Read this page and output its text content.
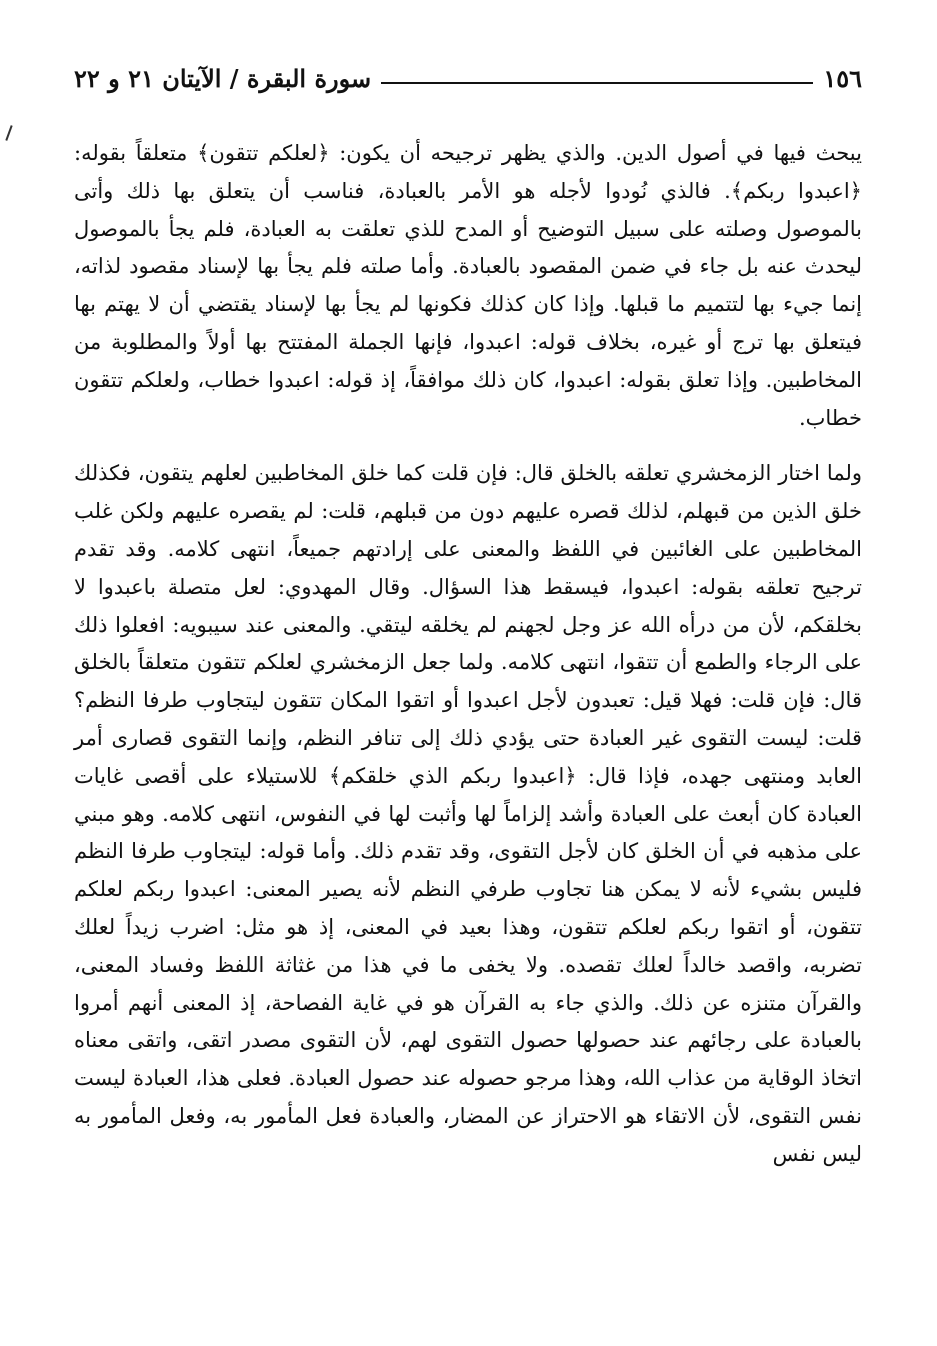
١٥٦
سورة البقرة / الآيتان ٢١ و ٢٢

يبحث فيها في أصول الدين. والذي يظهر ترجيحه أن يكون: ﴿لعلكم تتقون﴾ متعلقاً بقوله: ﴿اعبدوا ربكم﴾. فالذي نُودوا لأجله هو الأمر بالعبادة، فناسب أن يتعلق بها ذلك وأتى بالموصول وصلته على سبيل التوضيح أو المدح للذي تعلقت به العبادة، فلم يجأ بالموصول ليحدث عنه بل جاء في ضمن المقصود بالعبادة. وأما صلته فلم يجأ بها لإسناد مقصود لذاته، إنما جيء بها لتتميم ما قبلها. وإذا كان كذلك فكونها لم يجأ بها لإسناد يقتضي أن لا يهتم بها فيتعلق بها ترج أو غيره، بخلاف قوله: اعبدوا، فإنها الجملة المفتتح بها أولاً والمطلوبة من المخاطبين. وإذا تعلق بقوله: اعبدوا، كان ذلك موافقاً، إذ قوله: اعبدوا خطاب، ولعلكم تتقون خطاب.

ولما اختار الزمخشري تعلقه بالخلق قال: فإن قلت كما خلق المخاطبين لعلهم يتقون، فكذلك خلق الذين من قبهلم، لذلك قصره عليهم دون من قبلهم، قلت: لم يقصره عليهم ولكن غلب المخاطبين على الغائبين في اللفظ والمعنى على إرادتهم جميعاً، انتهى كلامه. وقد تقدم ترجيح تعلقه بقوله: اعبدوا، فيسقط هذا السؤال. وقال المهدوي: لعل متصلة باعبدوا لا بخلقكم، لأن من درأه الله عز وجل لجهنم لم يخلقه ليتقي. والمعنى عند سيبويه: افعلوا ذلك على الرجاء والطمع أن تتقوا، انتهى كلامه. ولما جعل الزمخشري لعلكم تتقون متعلقاً بالخلق قال: فإن قلت: فهلا قيل: تعبدون لأجل اعبدوا أو اتقوا المكان تتقون ليتجاوب طرفا النظم؟ قلت: ليست التقوى غير العبادة حتى يؤدي ذلك إلى تنافر النظم، وإنما التقوى قصارى أمر العابد ومنتهى جهده، فإذا قال: ﴿اعبدوا ربكم الذي خلقكم﴾ للاستيلاء على أقصى غايات العبادة كان أبعث على العبادة وأشد إلزاماً لها وأثبت لها في النفوس، انتهى كلامه. وهو مبني على مذهبه في أن الخلق كان لأجل التقوى، وقد تقدم ذلك. وأما قوله: ليتجاوب طرفا النظم فليس بشيء لأنه لا يمكن هنا تجاوب طرفي النظم لأنه يصير المعنى: اعبدوا ربكم لعلكم تتقون، أو اتقوا ربكم لعلكم تتقون، وهذا بعيد في المعنى، إذ هو مثل: اضرب زيداً لعلك تضربه، واقصد خالداً لعلك تقصده. ولا يخفى ما في هذا من غثاثة اللفظ وفساد المعنى، والقرآن متنزه عن ذلك. والذي جاء به القرآن هو في غاية الفصاحة، إذ المعنى أنهم أمروا بالعبادة على رجائهم عند حصولها حصول التقوى لهم، لأن التقوى مصدر اتقى، واتقى معناه اتخاذ الوقاية من عذاب الله، وهذا مرجو حصوله عند حصول العبادة. فعلى هذا، العبادة ليست نفس التقوى، لأن الاتقاء هو الاحتراز عن المضار، والعبادة فعل المأمور به، وفعل المأمور به ليس نفس
